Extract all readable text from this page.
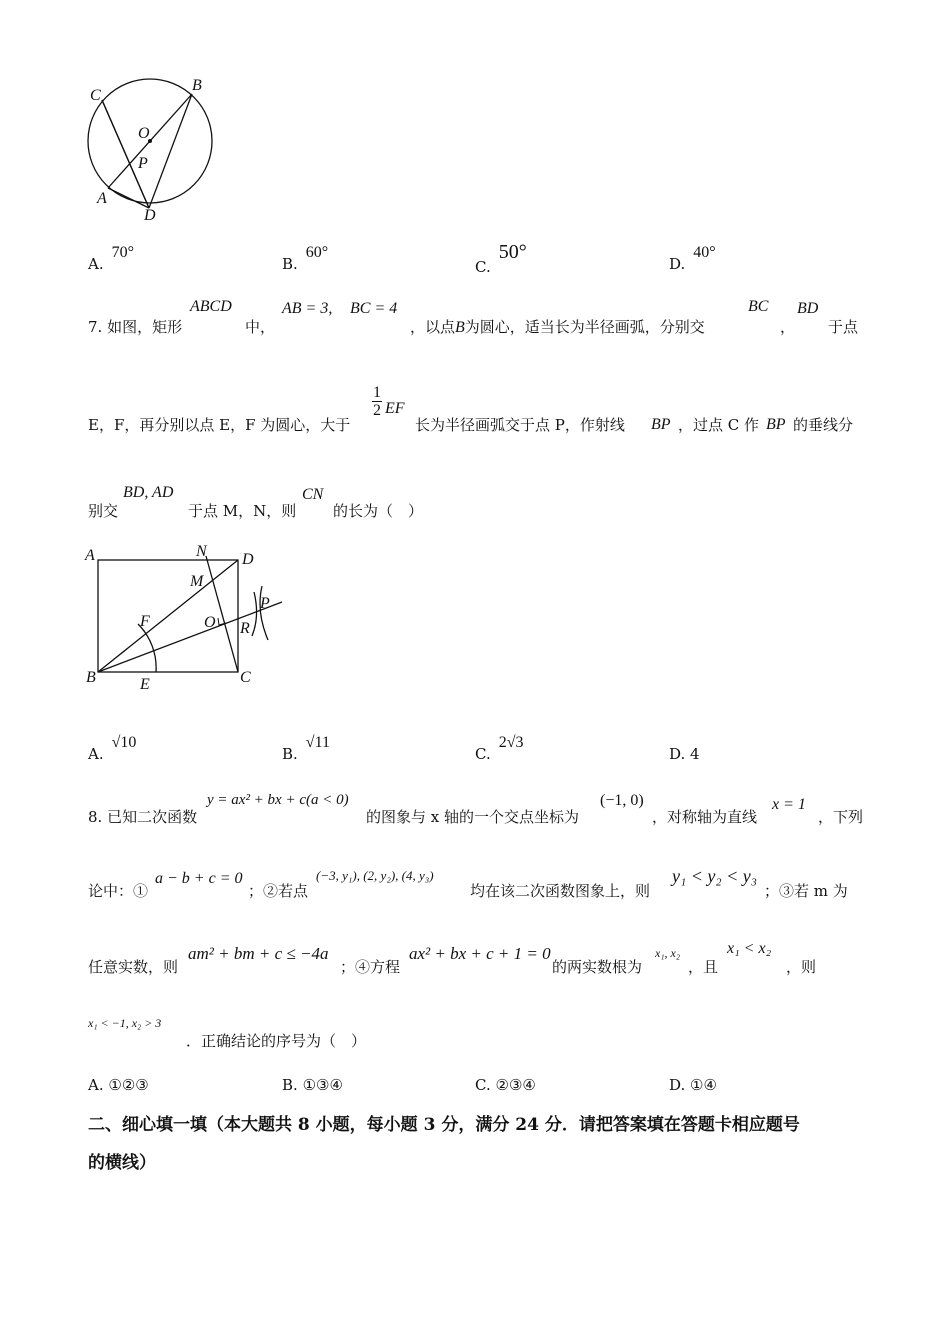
C
B
O
P
A
D
A.70°
B.60°
C.50°
D.40°
7. 如图，矩形
ABCD
中，
AB = 3, BC = 4
，以点B为圆心，适当长为半径画弧，分别交
BC
，
BD
于点
E，F，再分别以点 E，F 为圆心，大于
$\frac{1}{2}$ EF
长为半径画弧交于点 P，作射线 BP ，过点 C 作 BP 的垂线分
别交
BD, AD
于点 M，N，则
CN
的长为（　）
A	N D
M
P
F	O R
B	E	C
A.√10
B.√11
C.2√3
D. 4
8. 已知二次函数
y = ax² + bx + c(a < 0)
的图象与 x 轴的一个交点坐标为
(−1, 0)
，对称轴为直线
x = 1
，下列
论中：①
a − b + c = 0
；②若点
(−3, y₁), (2, y₂), (4, y₃)
均在该二次函数图象上，则
y₁ < y₂ < y₃
；③若 m 为
任意实数，则
am² + bm + c ≤ −4a
；④方程
ax² + bx + c + 1 = 0
的两实数根为
x₁, x₂
，且
x₁ < x₂
，则
x₁ < −1, x₂ > 3
．正确结论的序号为（　）
A. ①②③	B. ①③④	C. ②③④	D. ①④
二、细心填一填（本大题共 8 小题，每小题 3 分，满分 24 分．请把答案填在答题卡相应题号
的横线）
